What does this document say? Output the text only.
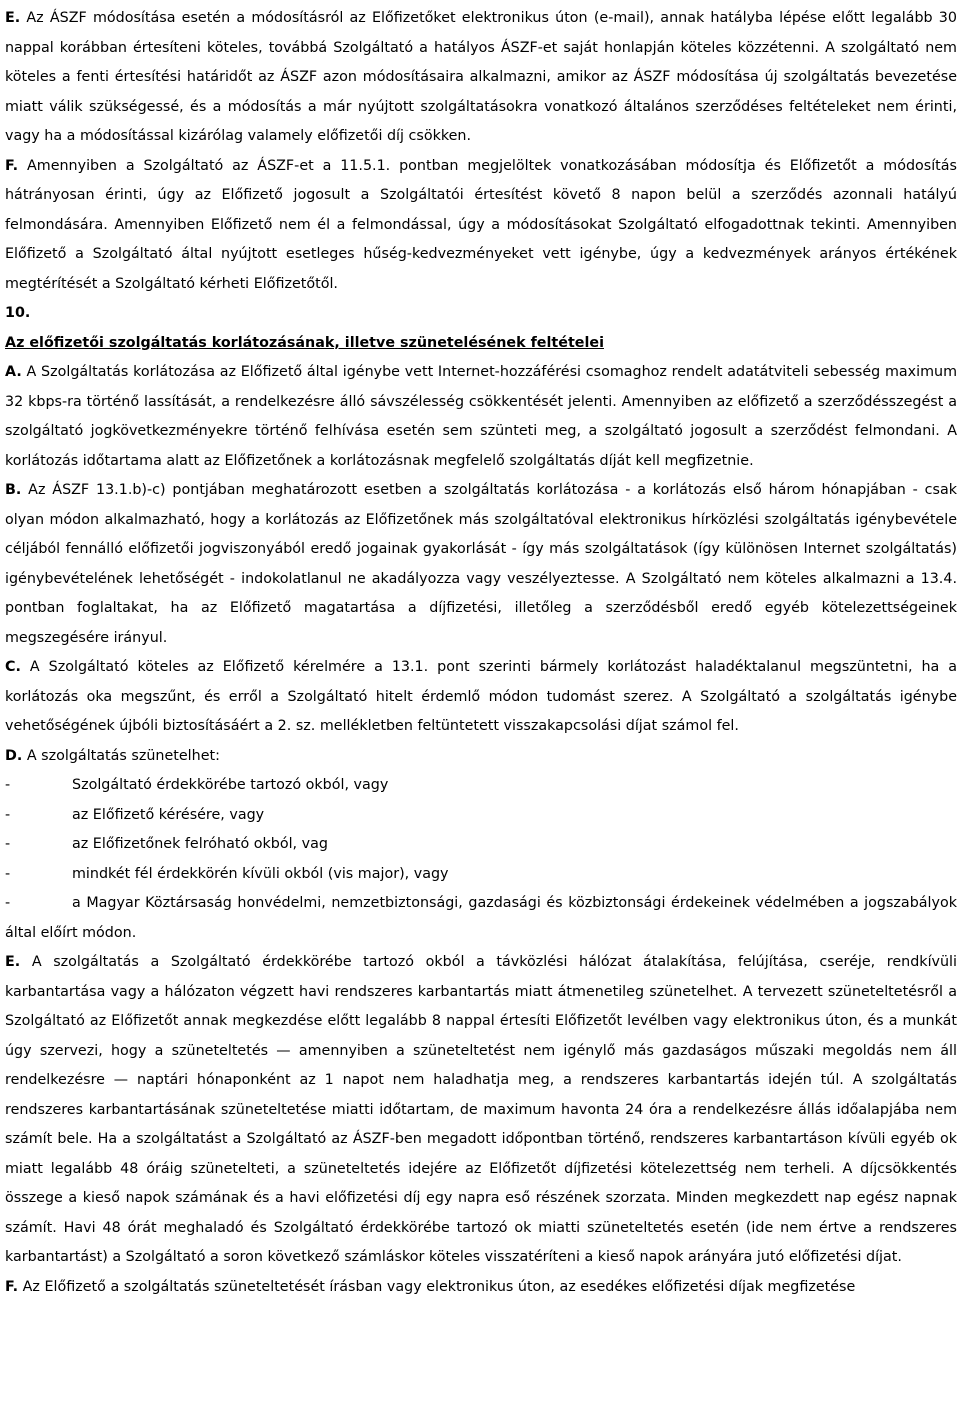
E. Az ÁSZF módosítása esetén a módosításról az Előfizetőket elektronikus úton (e-mail), annak hatályba lépése előtt legalább 30 nappal korábban értesíteni köteles, továbbá Szolgáltató a hatályos ÁSZF-et saját honlapján köteles közzétenni. A szolgáltató nem köteles a fenti értesítési határidőt az ÁSZF azon módosításaira alkalmazni, amikor az ÁSZF módosítása új szolgáltatás bevezetése miatt válik szükségessé, és a módosítás a már nyújtott szolgáltatásokra vonatkozó általános szerződéses feltételeket nem érinti, vagy ha a módosítással kizárólag valamely előfizetői díj csökken.

F. Amennyiben a Szolgáltató az ÁSZF-et a 11.5.1. pontban megjelöltek vonatkozásában módosítja és Előfizetőt a módosítás hátrányosan érinti, úgy az Előfizető jogosult a Szolgáltatói értesítést követő 8 napon belül a szerződés azonnali hatályú felmondására. Amennyiben Előfizető nem él a felmondással, úgy a módosításokat Szolgáltató elfogadottnak tekinti. Amennyiben Előfizető a Szolgáltató által nyújtott esetleges hűség-kedvezményeket vett igénybe, úgy a kedvezmények arányos értékének megtérítését a Szolgáltató kérheti Előfizetőtől.

10.

Az előfizetői szolgáltatás korlátozásának, illetve szünetelésének feltételei

A. A Szolgáltatás korlátozása az Előfizető által igénybe vett Internet-hozzáférési csomaghoz rendelt adatátviteli sebesség maximum 32 kbps-ra történő lassítását, a rendelkezésre álló sávszélesség csökkentését jelenti. Amennyiben az előfizető a szerződésszegést a szolgáltató jogkövetkezményekre történő felhívása esetén sem szünteti meg, a szolgáltató jogosult a szerződést felmondani. A korlátozás időtartama alatt az Előfizetőnek a korlátozásnak megfelelő szolgáltatás díját kell megfizetnie.

B. Az ÁSZF 13.1.b)-c) pontjában meghatározott esetben a szolgáltatás korlátozása - a korlátozás első három hónapjában - csak olyan módon alkalmazható, hogy a korlátozás az Előfizetőnek más szolgáltatóval elektronikus hírközlési szolgáltatás igénybevétele céljából fennálló előfizetői jogviszonyából eredő jogainak gyakorlását - így más szolgáltatások (így különösen Internet szolgáltatás) igénybevételének lehetőségét - indokolatlanul ne akadályozza vagy veszélyeztesse. A Szolgáltató nem köteles alkalmazni a 13.4. pontban foglaltakat, ha az Előfizető magatartása a díjfizetési, illetőleg a szerződésből eredő egyéb kötelezettségeinek megszegésére irányul.

C. A Szolgáltató köteles az Előfizető kérelmére a 13.1. pont szerinti bármely korlátozást haladéktalanul megszüntetni, ha a korlátozás oka megszűnt, és erről a Szolgáltató hitelt érdemlő módon tudomást szerez. A Szolgáltató a szolgáltatás igénybe vehetőségének újbóli biztosításáért a 2. sz. mellékletben feltüntetett visszakapcsolási díjat számol fel.

D. A szolgáltatás szünetelhet:

-	Szolgáltató érdekkörébe tartozó okból, vagy
-	az Előfizető kérésére, vagy
-	az Előfizetőnek felróható okból, vag
-	mindkét fél érdekkörén kívüli okból (vis major), vagy

-	a Magyar Köztársaság honvédelmi, nemzetbiztonsági, gazdasági és közbiztonsági érdekeinek védelmében a jogszabályok által előírt módon.

E. A szolgáltatás a Szolgáltató érdekkörébe tartozó okból a távközlési hálózat átalakítása, felújítása, cseréje, rendkívüli karbantartása vagy a hálózaton végzett havi rendszeres karbantartás miatt átmenetileg szünetelhet. A tervezett szüneteltetésről a Szolgáltató az Előfizetőt annak megkezdése előtt legalább 8 nappal értesíti Előfizetőt levélben vagy elektronikus úton, és a munkát úgy szervezi, hogy a szüneteltetés — amennyiben a szüneteltetést nem igénylő más gazdaságos műszaki megoldás nem áll rendelkezésre — naptári hónaponként az 1 napot nem haladhatja meg, a rendszeres karbantartás idején túl. A szolgáltatás rendszeres karbantartásának szüneteltetése miatti időtartam, de maximum havonta 24 óra a rendelkezésre állás időalapjába nem számít bele. Ha a szolgáltatást a Szolgáltató az ÁSZF-ben megadott időpontban történő, rendszeres karbantartáson kívüli egyéb ok miatt legalább 48 óráig szünetelteti, a szüneteltetés idejére az Előfizetőt díjfizetési kötelezettség nem terheli. A díjcsökkentés összege a kieső napok számának és a havi előfizetési díj egy napra eső részének szorzata. Minden megkezdett nap egész napnak számít. Havi 48 órát meghaladó és Szolgáltató érdekkörébe tartozó ok miatti szüneteltetés esetén (ide nem értve a rendszeres karbantartást) a Szolgáltató a soron következő számláskor köteles visszatéríteni a kieső napok arányára jutó előfizetési díjat.

F. Az Előfizető a szolgáltatás szüneteltetését írásban vagy elektronikus úton, az esedékes előfizetési díjak megfizetése
